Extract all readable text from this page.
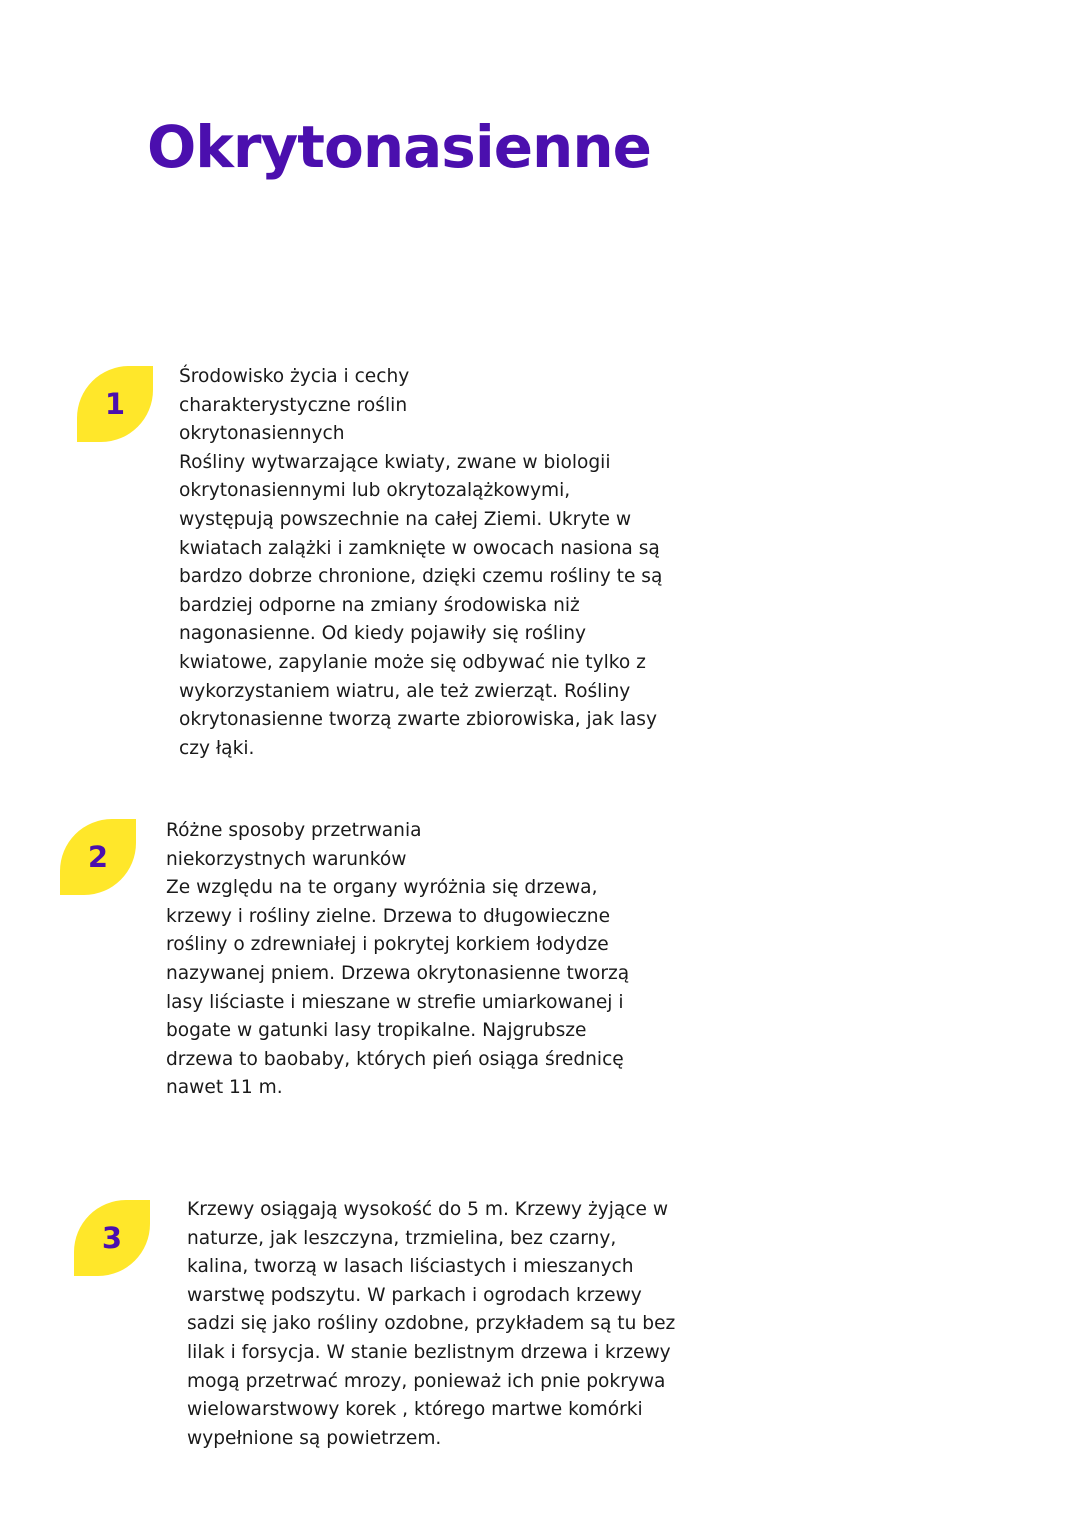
Okrytonasienne
1

Środowisko życia i cechy
charakterystyczne roślin
okrytonasiennych
Rośliny wytwarzające kwiaty, zwane w biologii
okrytonasiennymi lub okrytozalążkowymi,
występują powszechnie na całej Ziemi. Ukryte w
kwiatach zalążki i zamknięte w owocach nasiona są
bardzo dobrze chronione, dzięki czemu rośliny te są
bardziej odporne na zmiany środowiska niż
nagonasienne. Od kiedy pojawiły się rośliny
kwiatowe, zapylanie może się odbywać nie tylko z
wykorzystaniem wiatru, ale też zwierząt. Rośliny
okrytonasienne tworzą zwarte zbiorowiska, jak lasy
czy łąki.

2

Różne sposoby przetrwania
niekorzystnych warunków
Ze względu na te organy wyróżnia się drzewa,
krzewy i rośliny zielne. Drzewa to długowieczne
rośliny o zdrewniałej i pokrytej korkiem łodydze
nazywanej pniem. Drzewa okrytonasienne tworzą
lasy liściaste i mieszane w strefie umiarkowanej i
bogate w gatunki lasy tropikalne. Najgrubsze
drzewa to baobaby, których pień osiąga średnicę
nawet 11 m.

3

Krzewy osiągają wysokość do 5 m. Krzewy żyjące w
naturze, jak leszczyna, trzmielina, bez czarny,
kalina, tworzą w lasach liściastych i mieszanych
warstwę podszytu. W parkach i ogrodach krzewy
sadzi się jako rośliny ozdobne, przykładem są tu bez
lilak i forsycja. W stanie bezlistnym drzewa i krzewy
mogą przetrwać mrozy, ponieważ ich pnie pokrywa
wielowarstwowy korek , którego martwe komórki
wypełnione są powietrzem.
